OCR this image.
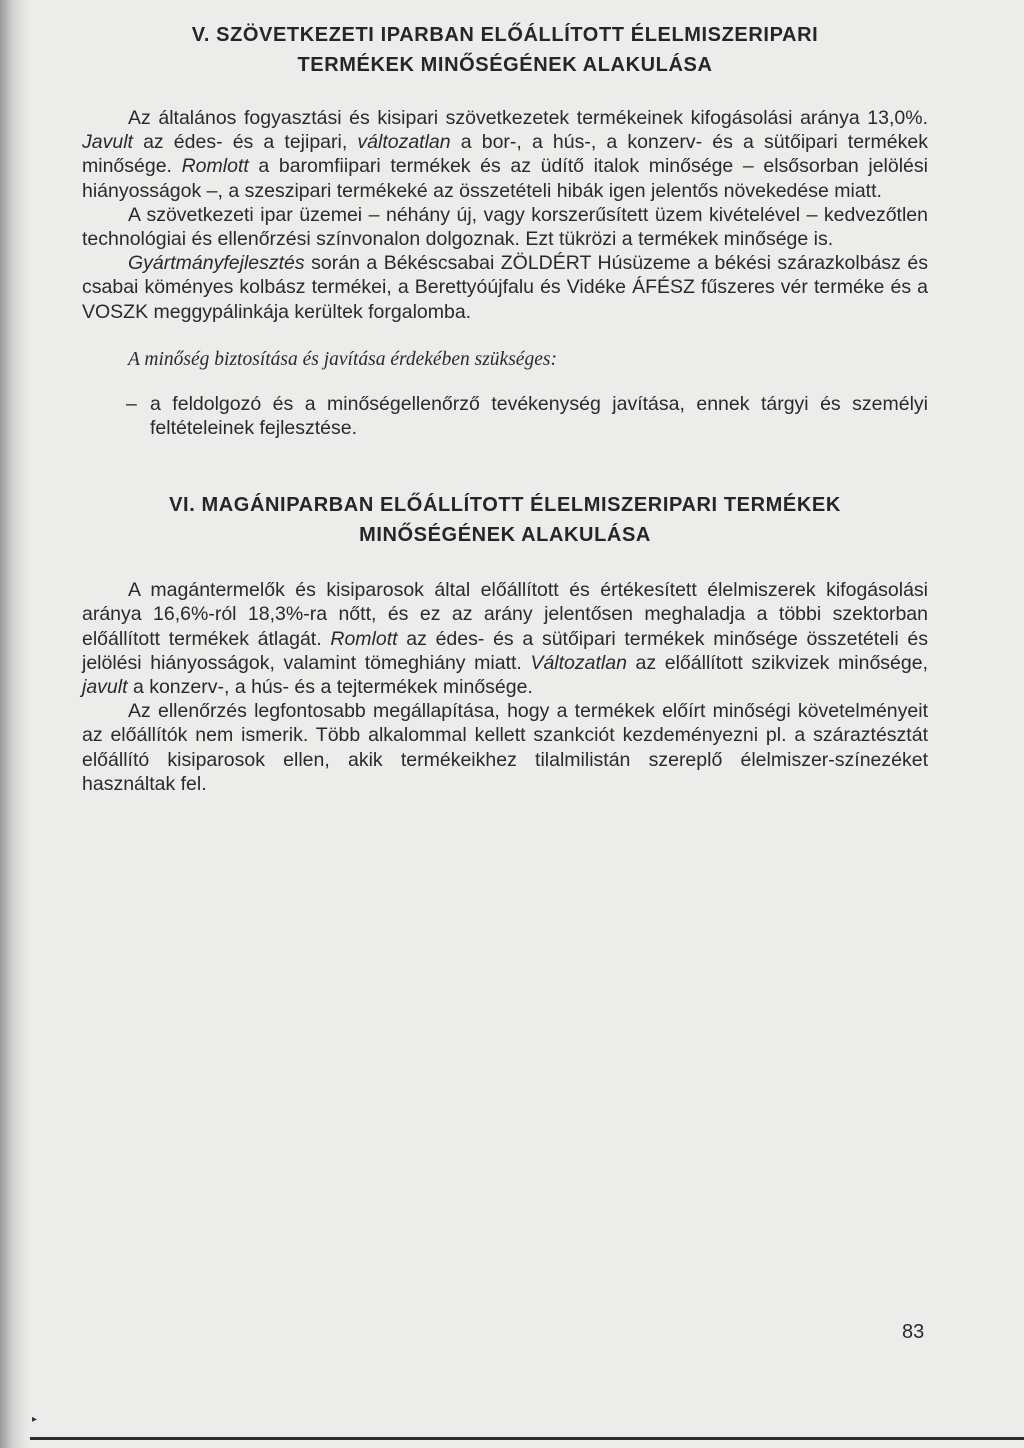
V. SZÖVETKEZETI IPARBAN ELŐÁLLÍTOTT ÉLELMISZERIPARI
TERMÉKEK MINŐSÉGÉNEK ALAKULÁSA

Az általános fogyasztási és kisipari szövetkezetek termékeinek kifogásolási aránya 13,0%. Javult az édes- és a tejipari, változatlan a bor-, a hús-, a konzerv- és a sütőipari termékek minősége. Romlott a baromfiipari termékek és az üdítő italok minősége – elsősorban jelölési hiányosságok –, a szeszipari termékeké az összetételi hibák igen jelentős növekedése miatt.

A szövetkezeti ipar üzemei – néhány új, vagy korszerűsített üzem kivételével – kedvezőtlen technológiai és ellenőrzési színvonalon dolgoznak. Ezt tükrözi a termékek minősége is.

Gyártmányfejlesztés során a Békéscsabai ZÖLDÉRT Húsüzeme a békési szárazkolbász és csabai köményes kolbász termékei, a Berettyóújfalu és Vidéke ÁFÉSZ fűszeres vér terméke és a VOSZK meggypálinkája kerültek forgalomba.

A minőség biztosítása és javítása érdekében szükséges:
– a feldolgozó és a minőségellenőrző tevékenység javítása, ennek tárgyi és személyi feltételeinek fejlesztése.
VI. MAGÁNIPARBAN ELŐÁLLÍTOTT ÉLELMISZERIPARI TERMÉKEK
MINŐSÉGÉNEK ALAKULÁSA

A magántermelők és kisiparosok által előállított és értékesített élelmiszerek kifogásolási aránya 16,6%-ról 18,3%-ra nőtt, és ez az arány jelentősen meghaladja a többi szektorban előállított termékek átlagát. Romlott az édes- és a sütőipari termékek minősége összetételi és jelölési hiányosságok, valamint tömeghiány miatt. Változatlan az előállított szikvizek minősége, javult a konzerv-, a hús- és a tejtermékek minősége.

Az ellenőrzés legfontosabb megállapítása, hogy a termékek előírt minőségi követelményeit az előállítók nem ismerik. Több alkalommal kellett szankciót kezdeményezni pl. a száraztésztát előállító kisiparosok ellen, akik termékeikhez tilalmilistán szereplő élelmiszer-színezéket használtak fel.

83
▸
